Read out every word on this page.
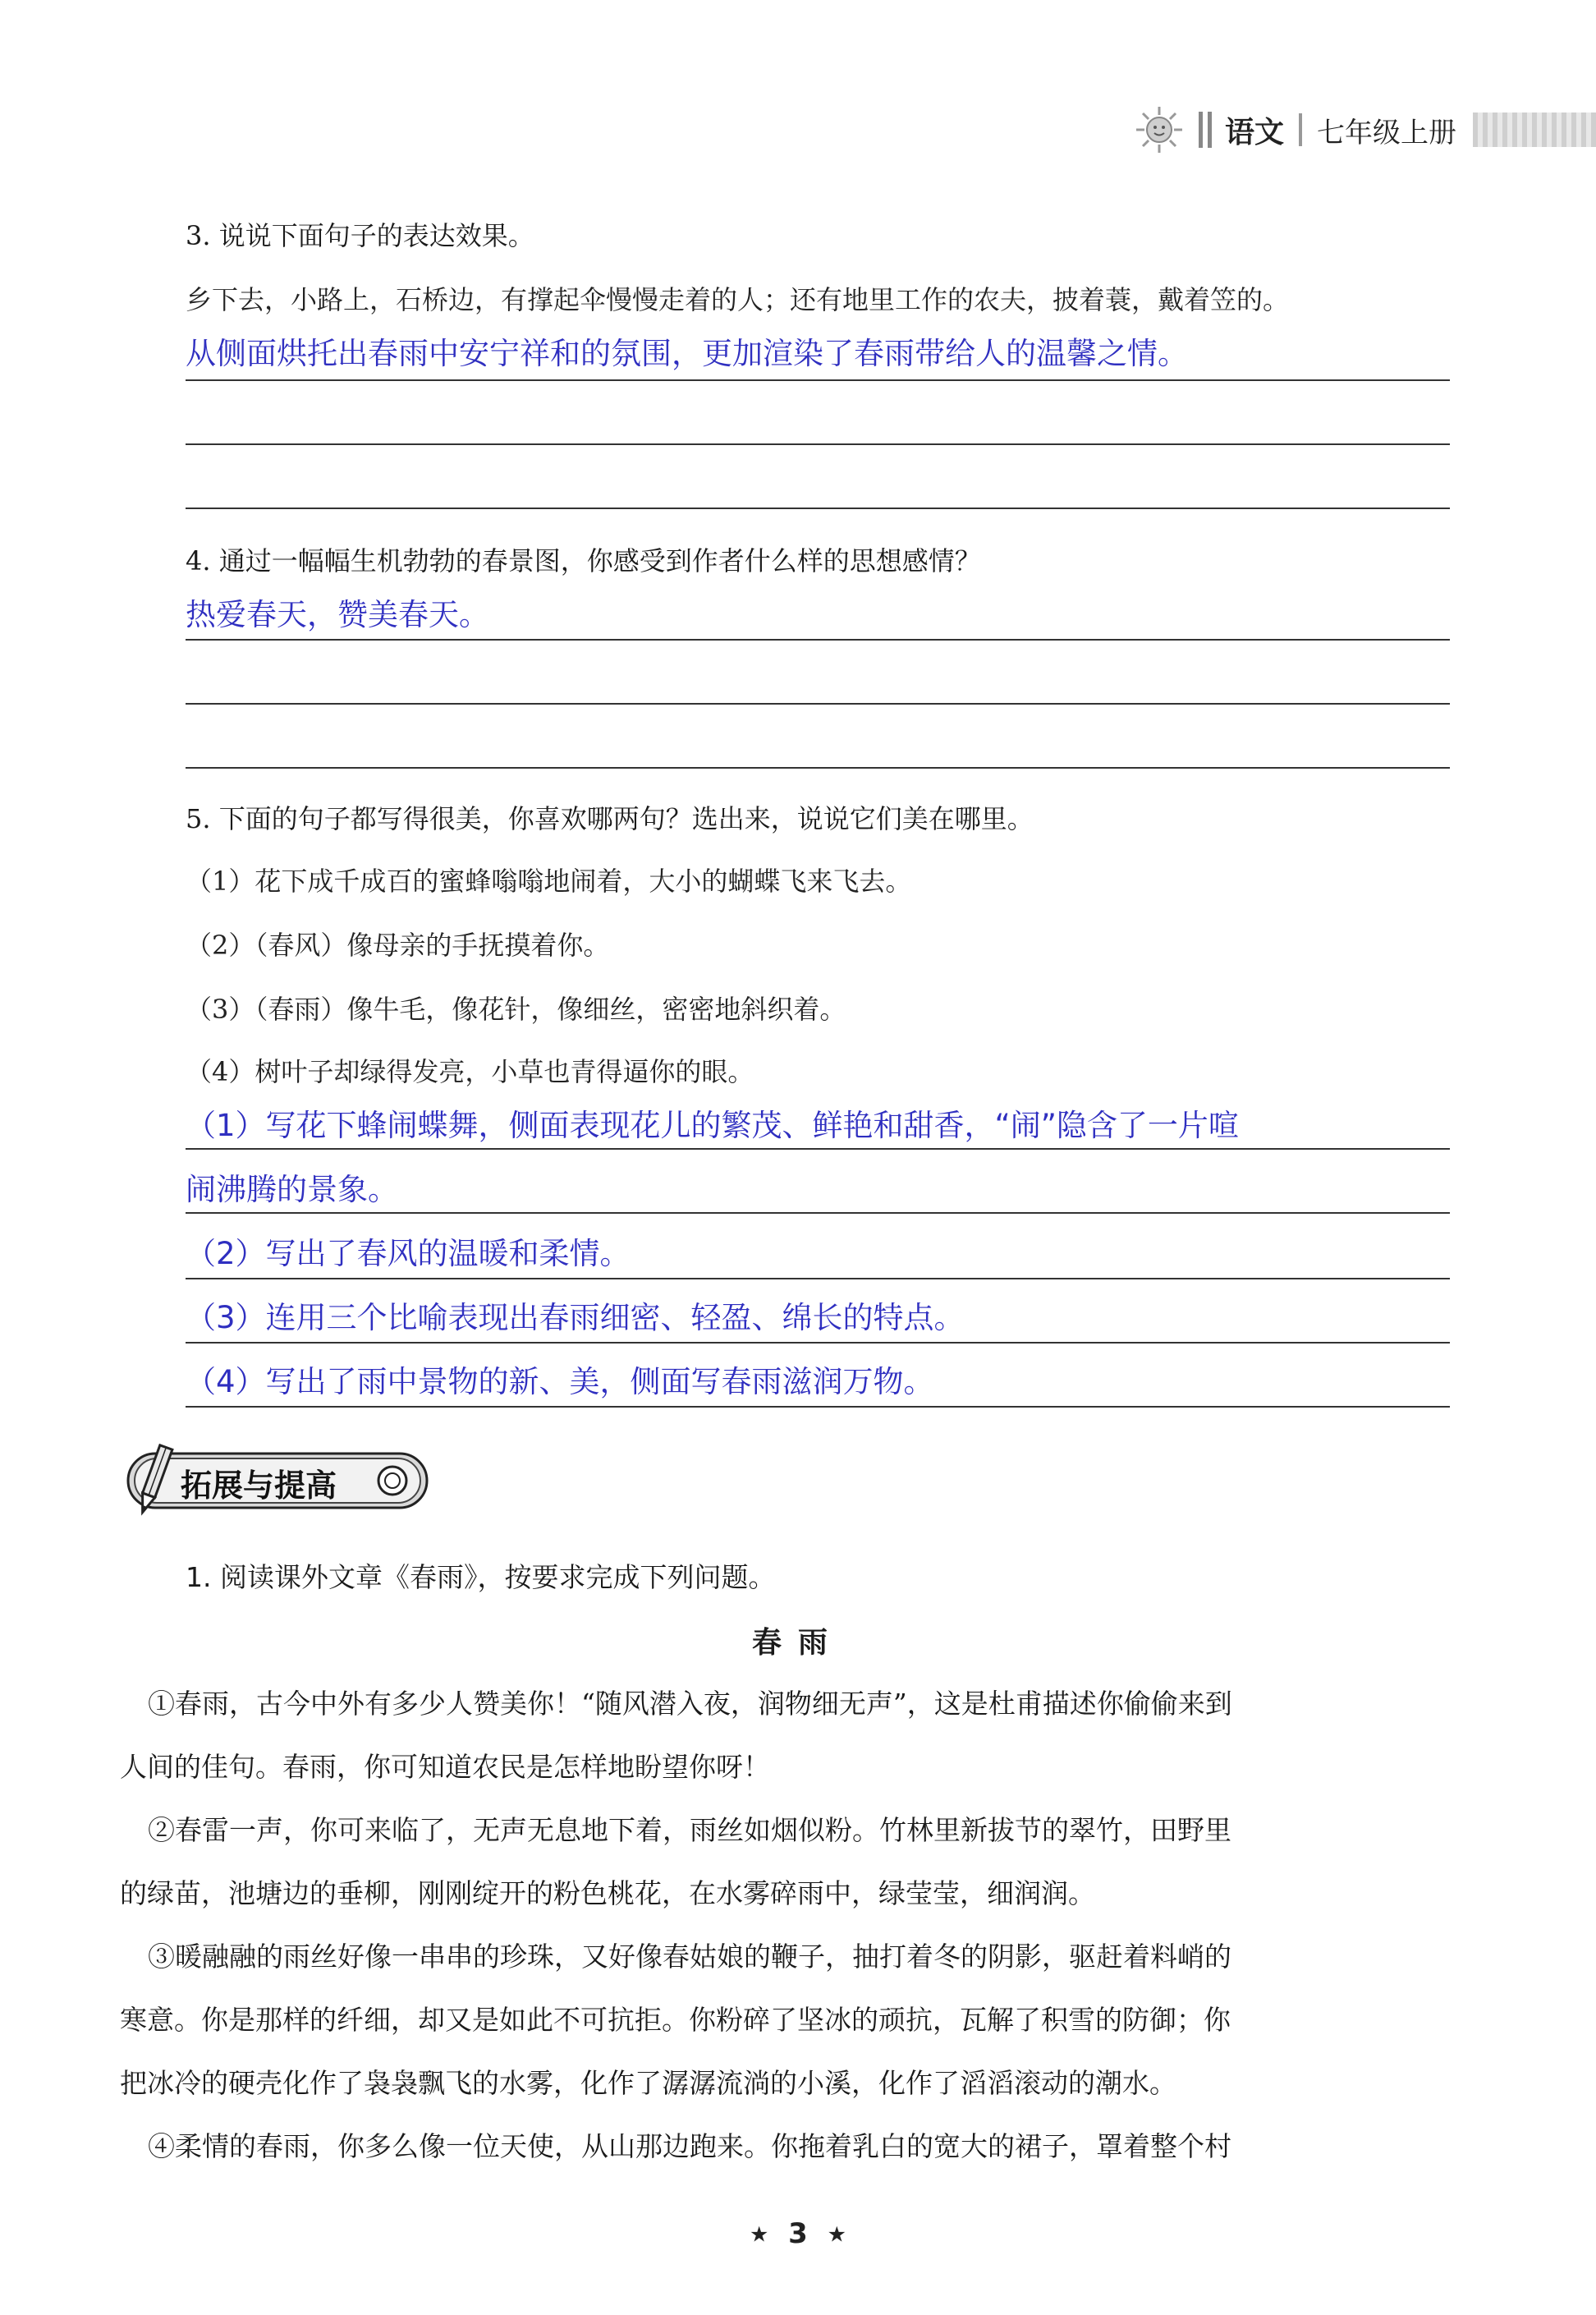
语文 七年级上册
3. 说说下面句子的表达效果。
乡下去，小路上，石桥边，有撑起伞慢慢走着的人；还有地里工作的农夫，披着蓑，戴着笠的。
从侧面烘托出春雨中安宁祥和的氛围，更加渲染了春雨带给人的温馨之情。
4. 通过一幅幅生机勃勃的春景图，你感受到作者什么样的思想感情？
热爱春天，赞美春天。
5. 下面的句子都写得很美，你喜欢哪两句？选出来，说说它们美在哪里。
（1）花下成千成百的蜜蜂嗡嗡地闹着，大小的蝴蝶飞来飞去。
（2）（春风）像母亲的手抚摸着你。
（3）（春雨）像牛毛，像花针，像细丝，密密地斜织着。
（4）树叶子却绿得发亮，小草也青得逼你的眼。
（1）写花下蜂闹蝶舞，侧面表现花儿的繁茂、鲜艳和甜香，“闹”隐含了一片喧
闹沸腾的景象。
（2）写出了春风的温暖和柔情。
（3）连用三个比喻表现出春雨细密、轻盈、绵长的特点。
（4）写出了雨中景物的新、美，侧面写春雨滋润万物。
拓展与提高
1. 阅读课外文章《春雨》，按要求完成下列问题。
春雨
①春雨，古今中外有多少人赞美你！“随风潜入夜，润物细无声”，这是杜甫描述你偷偷来到
人间的佳句。春雨，你可知道农民是怎样地盼望你呀！
②春雷一声，你可来临了，无声无息地下着，雨丝如烟似粉。竹林里新拔节的翠竹，田野里
的绿苗，池塘边的垂柳，刚刚绽开的粉色桃花，在水雾碎雨中，绿莹莹，细润润。
③暖融融的雨丝好像一串串的珍珠，又好像春姑娘的鞭子，抽打着冬的阴影，驱赶着料峭的
寒意。你是那样的纤细，却又是如此不可抗拒。你粉碎了坚冰的顽抗，瓦解了积雪的防御；你
把冰冷的硬壳化作了袅袅飘飞的水雾，化作了潺潺流淌的小溪，化作了滔滔滚动的潮水。
④柔情的春雨，你多么像一位天使，从山那边跑来。你拖着乳白的宽大的裙子，罩着整个村
★ 3 ★
